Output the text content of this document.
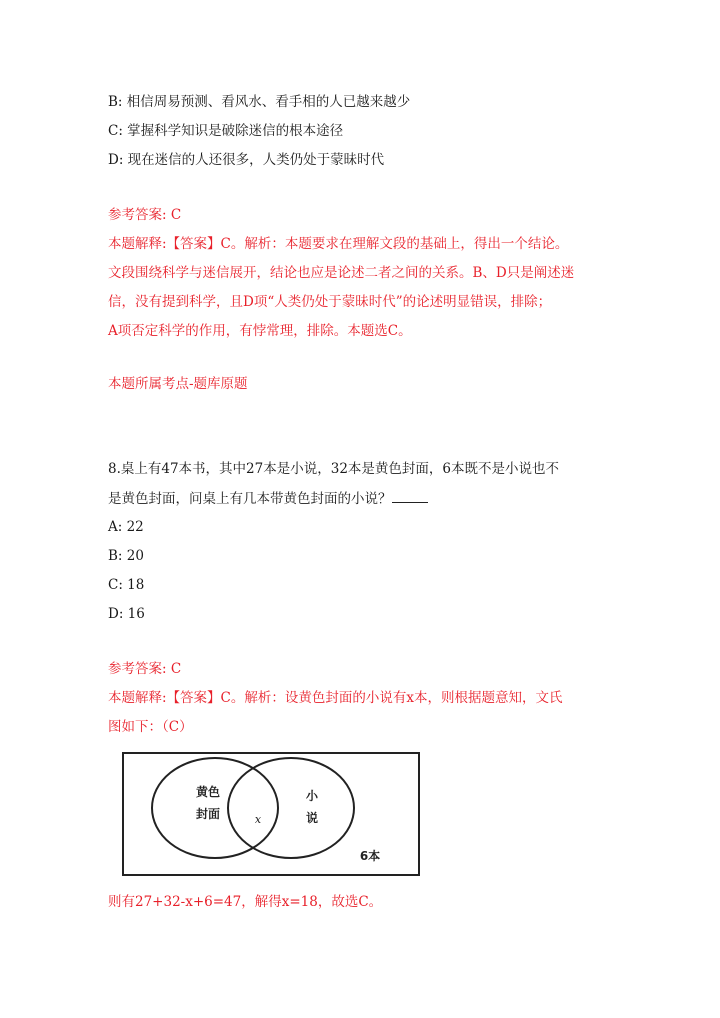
B: 相信周易预测、看风水、看手相的人已越来越少
C: 掌握科学知识是破除迷信的根本途径
D: 现在迷信的人还很多，人类仍处于蒙昧时代
参考答案: C
本题解释:【答案】C。解析：本题要求在理解文段的基础上，得出一个结论。
文段围绕科学与迷信展开，结论也应是论述二者之间的关系。B、D只是阐述迷
信，没有提到科学，且D项“人类仍处于蒙昧时代”的论述明显错误，排除；
A项否定科学的作用，有悖常理，排除。本题选C。
本题所属考点-题库原题
8.桌上有47本书，其中27本是小说，32本是黄色封面，6本既不是小说也不
是黄色封面，问桌上有几本带黄色封面的小说？
A: 22
B: 20
C: 18
D: 16
参考答案: C
本题解释:【答案】C。解析：设黄色封面的小说有x本，则根据题意知，文氏
图如下：（C）
黄色
封面	x
小
说
6本
则有27+32-x+6=47，解得x=18，故选C。
